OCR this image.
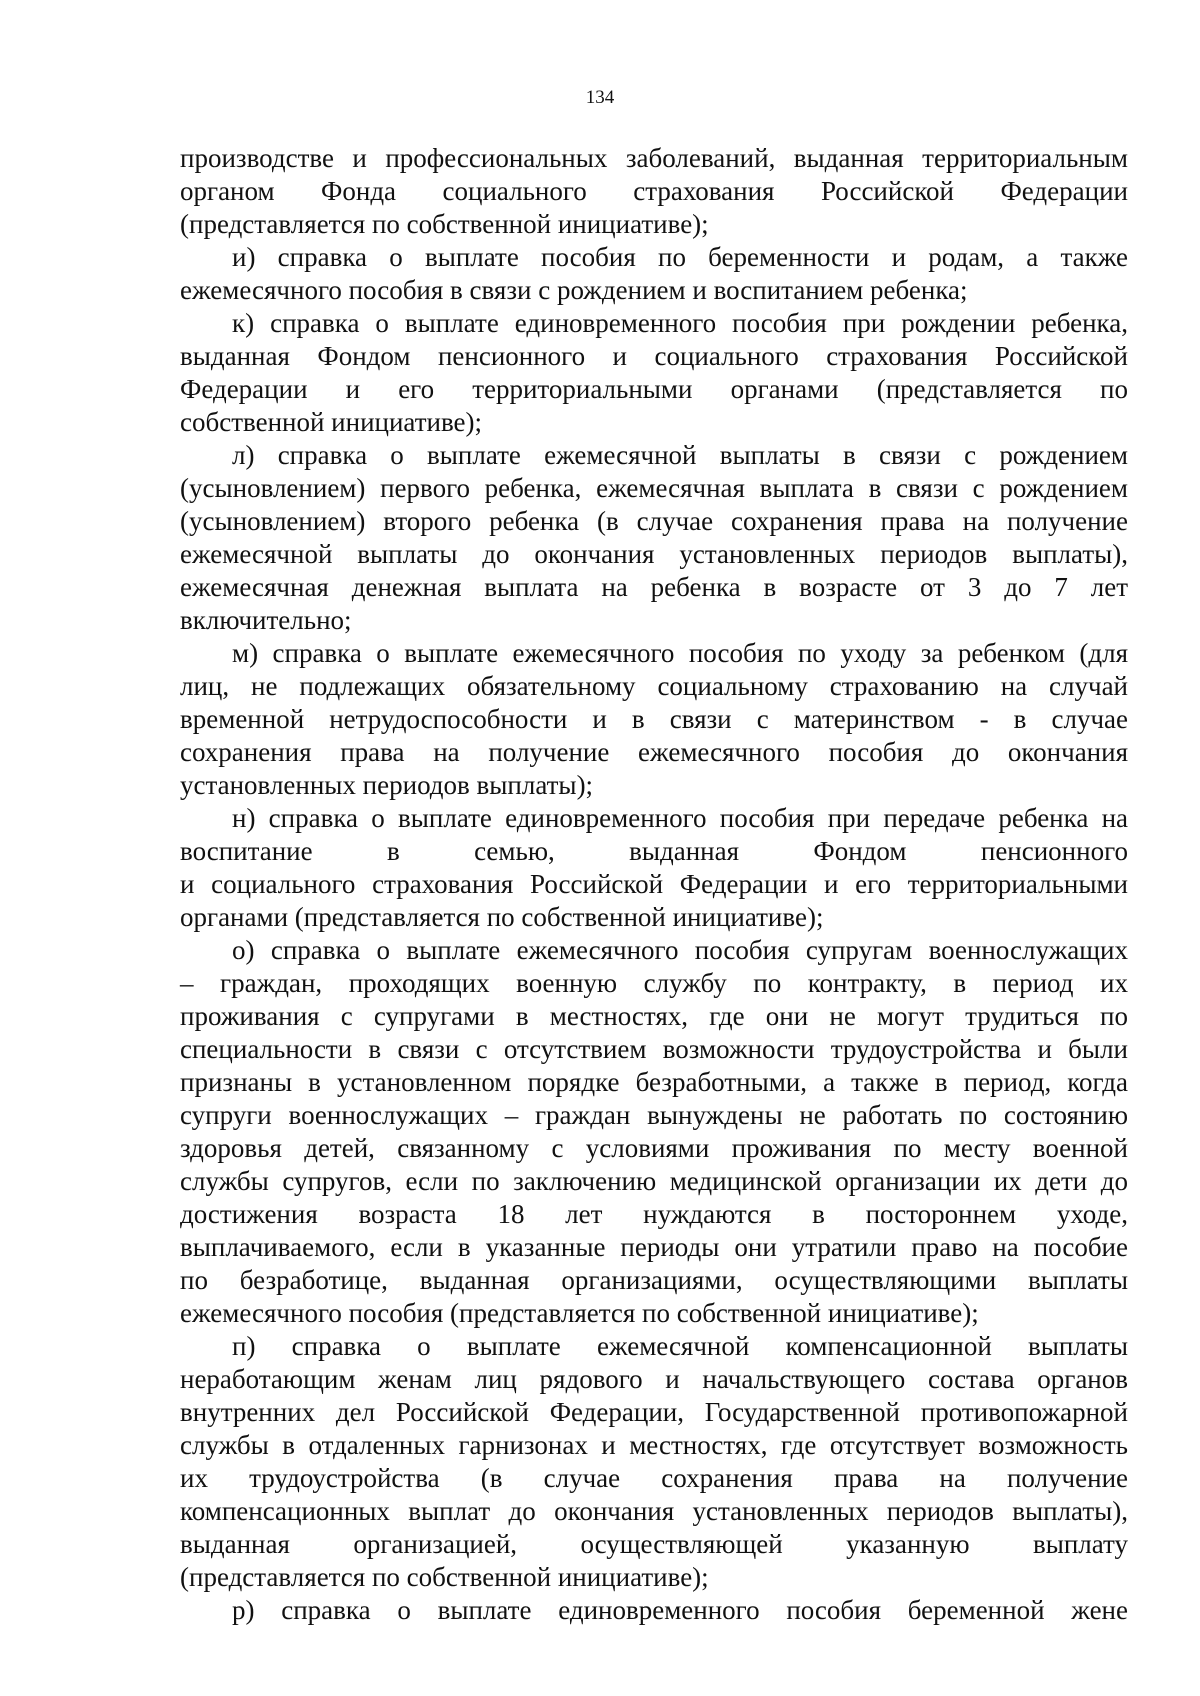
134

производстве и профессиональных заболеваний, выданная территориальным
органом Фонда социального страхования Российской Федерации
(представляется по собственной инициативе);

и) справка о выплате пособия по беременности и родам, а также
ежемесячного пособия в связи с рождением и воспитанием ребенка;

к) справка о выплате единовременного пособия при рождении ребенка,
выданная Фондом пенсионного и социального страхования Российской
Федерации и его территориальными органами (представляется по
собственной инициативе);

л) справка о выплате ежемесячной выплаты в связи с рождением
(усыновлением) первого ребенка, ежемесячная выплата в связи с рождением
(усыновлением) второго ребенка (в случае сохранения права на получение
ежемесячной выплаты до окончания установленных периодов выплаты),
ежемесячная денежная выплата на ребенка в возрасте от 3 до 7 лет
включительно;

м) справка о выплате ежемесячного пособия по уходу за ребенком (для
лиц, не подлежащих обязательному социальному страхованию на случай
временной нетрудоспособности и в связи с материнством - в случае
сохранения права на получение ежемесячного пособия до окончания
установленных периодов выплаты);

н) справка о выплате единовременного пособия при передаче ребенка на
воспитание в семью, выданная Фондом пенсионного
и социального страхования Российской Федерации и его территориальными
органами (представляется по собственной инициативе);

о) справка о выплате ежемесячного пособия супругам военнослужащих
– граждан, проходящих военную службу по контракту, в период их
проживания с супругами в местностях, где они не могут трудиться по
специальности в связи с отсутствием возможности трудоустройства и были
признаны в установленном порядке безработными, а также в период, когда
супруги военнослужащих – граждан вынуждены не работать по состоянию
здоровья детей, связанному с условиями проживания по месту военной
службы супругов, если по заключению медицинской организации их дети до
достижения возраста 18 лет нуждаются в постороннем уходе,
выплачиваемого, если в указанные периоды они утратили право на пособие
по безработице, выданная организациями, осуществляющими выплаты
ежемесячного пособия (представляется по собственной инициативе);

п) справка о выплате ежемесячной компенсационной выплаты
неработающим женам лиц рядового и начальствующего состава органов
внутренних дел Российской Федерации, Государственной противопожарной
службы в отдаленных гарнизонах и местностях, где отсутствует возможность
их трудоустройства (в случае сохранения права на получение
компенсационных выплат до окончания установленных периодов выплаты),
выданная организацией, осуществляющей указанную выплату
(представляется по собственной инициативе);

р) справка о выплате единовременного пособия беременной жене
